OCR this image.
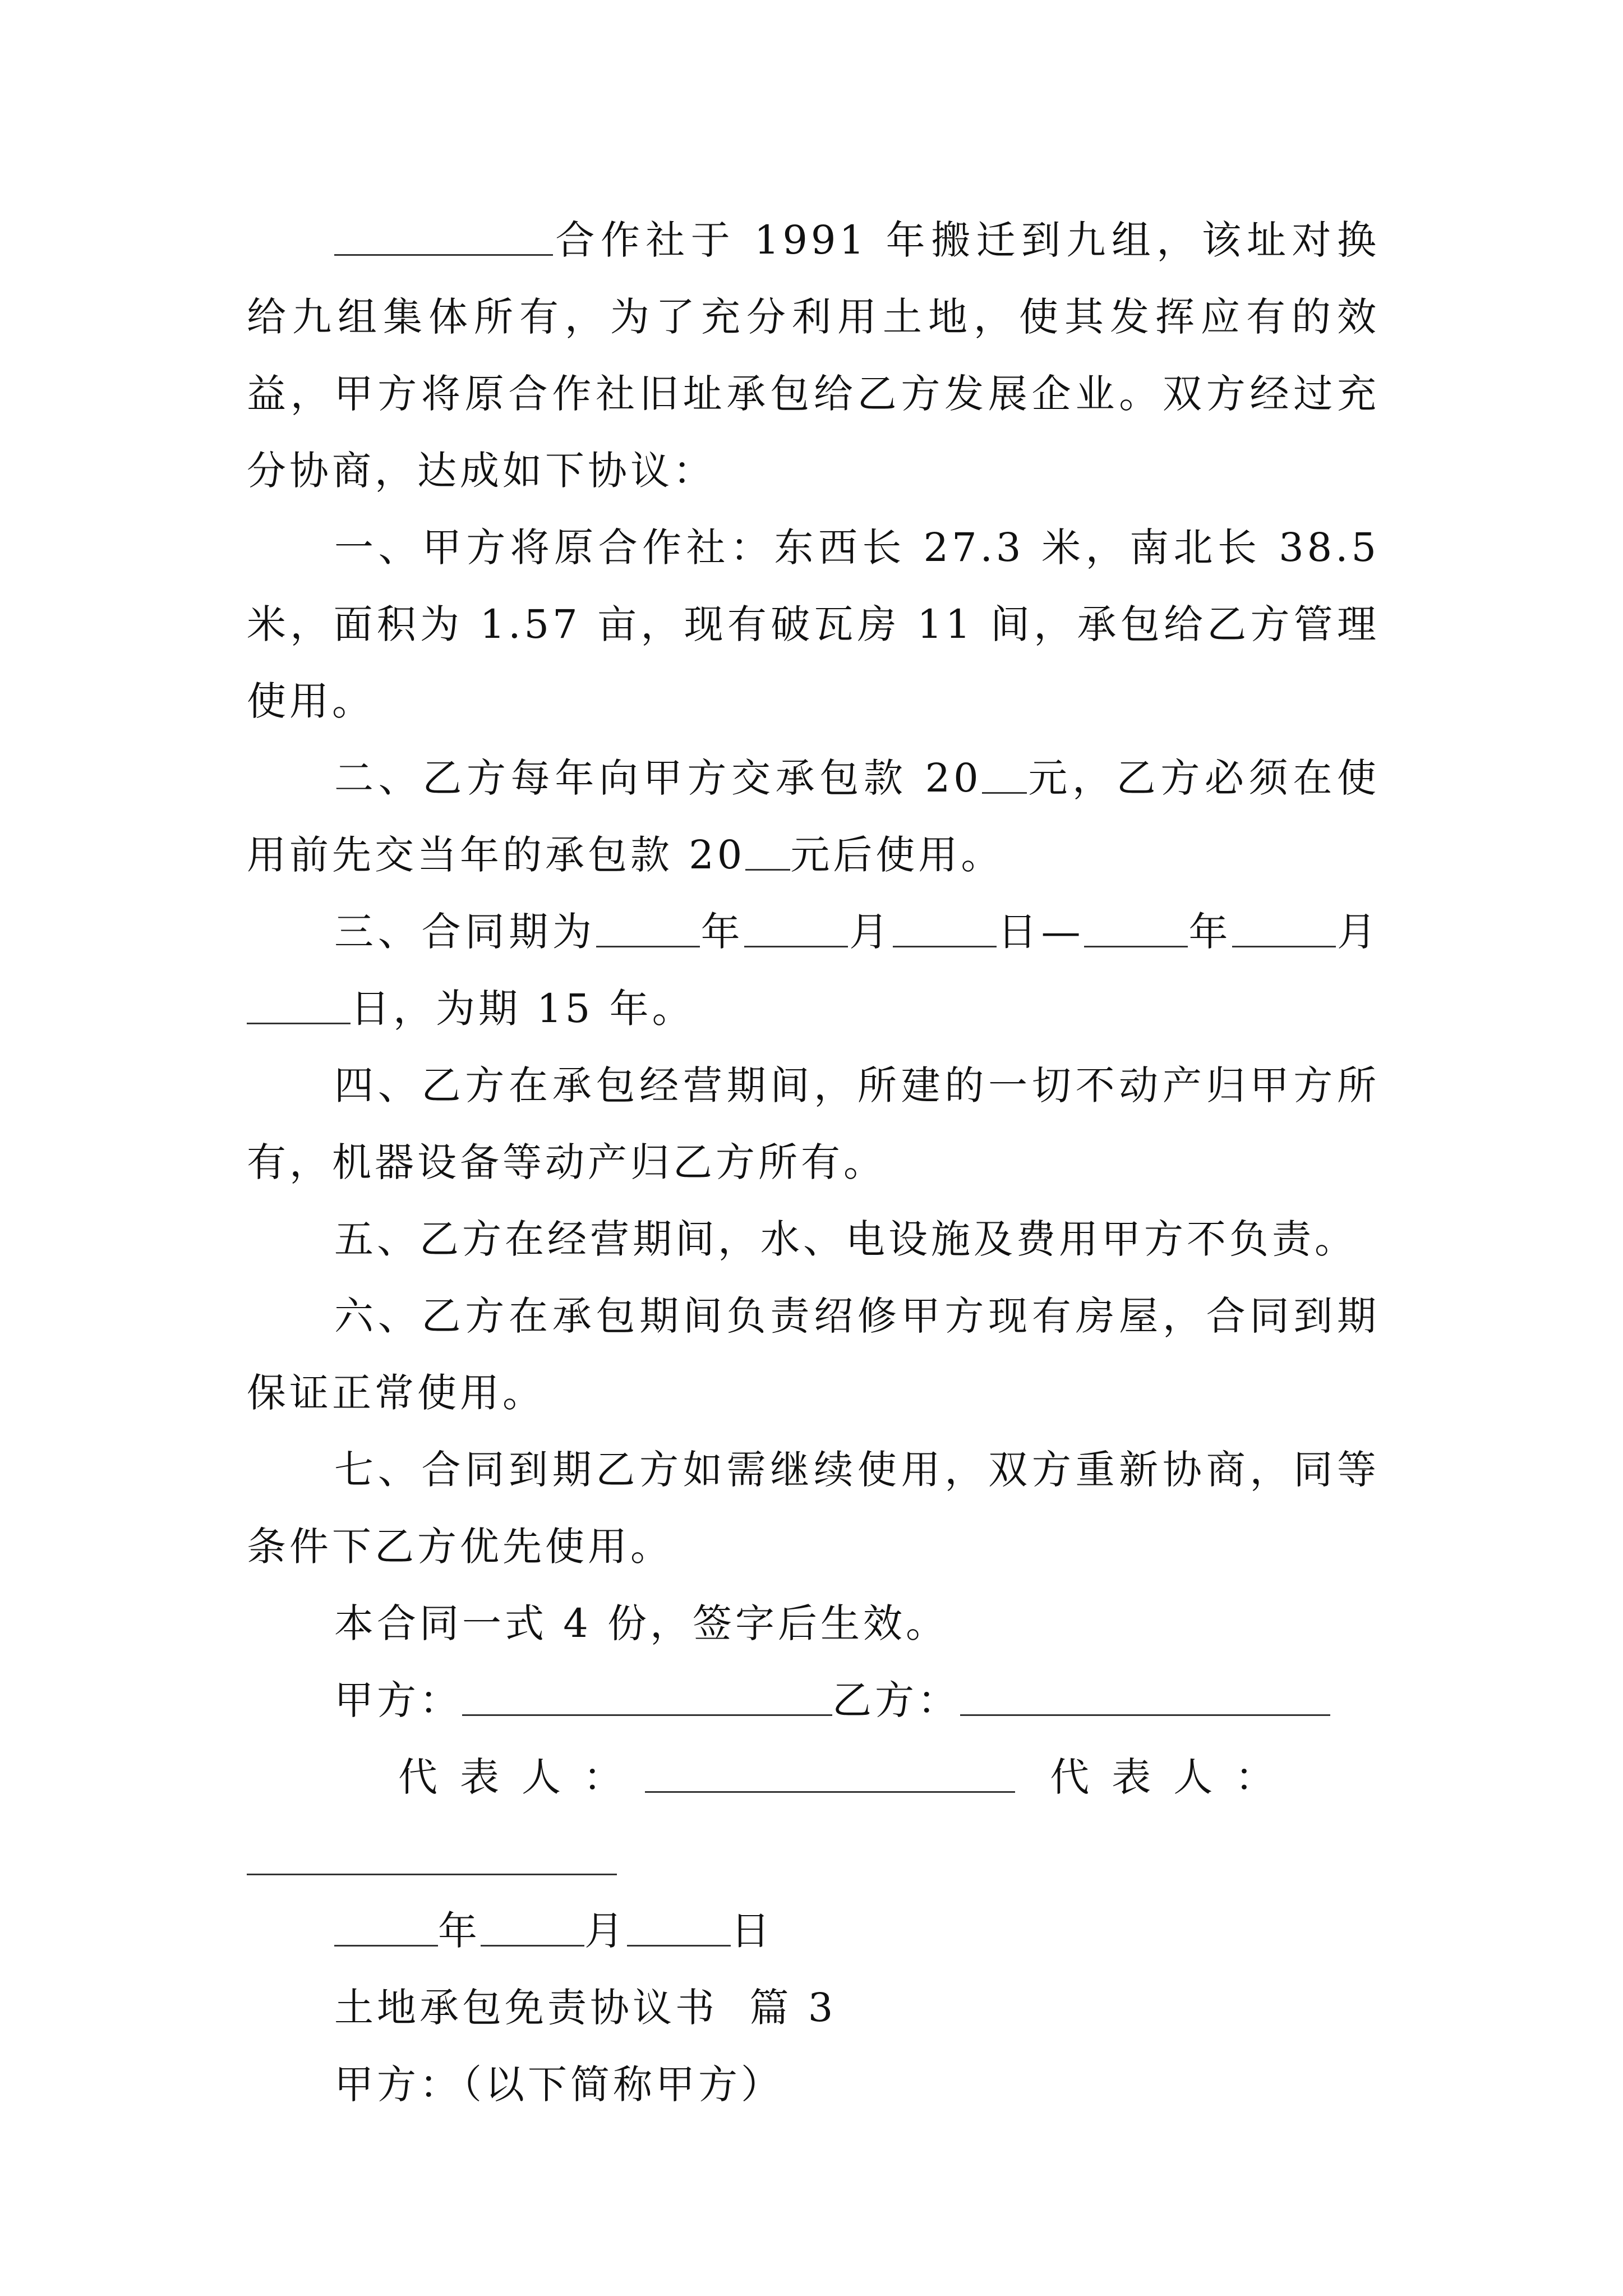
合作社于 1991 年搬迁到九组，该址对换给九组集体所有，为了充分利用土地，使其发挥应有的效益，甲方将原合作社旧址承包给乙方发展企业。双方经过充分协商，达成如下协议：

一、甲方将原合作社：东西长 27.3 米，南北长 38.5 米，面积为 1.57 亩，现有破瓦房 11 间，承包给乙方管理使用。

二、乙方每年向甲方交承包款 20 元，乙方必须在使用前先交当年的承包款 20 元后使用。

三、合同期为	年	月	日—	年	月日，为期 15 年。

四、乙方在承包经营期间，所建的一切不动产归甲方所有，机器设备等动产归乙方所有。

五、乙方在经营期间，水、电设施及费用甲方不负责。

六、乙方在承包期间负责绍修甲方现有房屋，合同到期保证正常使用。

七、合同到期乙方如需继续使用，双方重新协商，同等条件下乙方优先使用。

本合同一式 4 份，签字后生效。

甲方：	乙方：

代表人：	代表人：

年	月	日

土地承包免责协议书  篇 3

甲方：（以下简称甲方）
